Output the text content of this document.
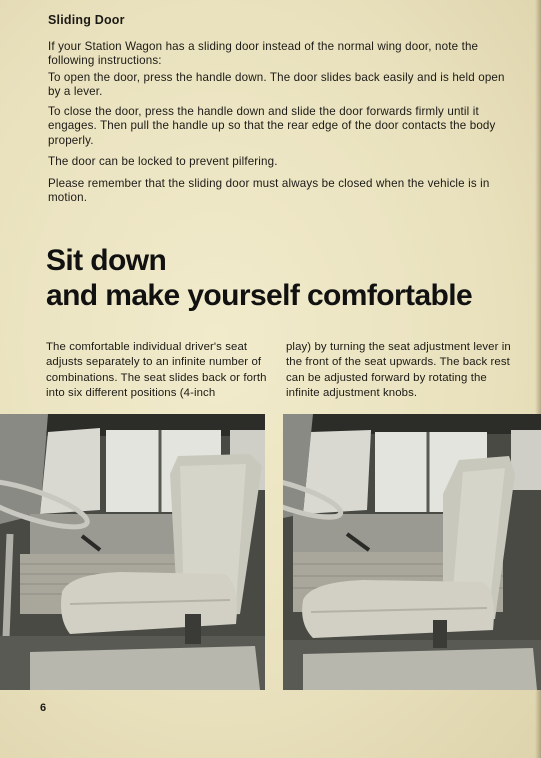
Sliding Door

If your Station Wagon has a sliding door instead of the normal wing door, note the following instructions:

To open the door, press the handle down. The door slides back easily and is held open by a lever.

To close the door, press the handle down and slide the door forwards firmly until it engages. Then pull the handle up so that the rear edge of the door contacts the body properly.

The door can be locked to prevent pilfering.

Please remember that the sliding door must always be closed when the vehicle is in motion.

Sit down
and make yourself comfortable

The comfortable individual driver's seat adjusts separately to an infinite number of combinations. The seat slides back or forth into six different positions (4-inch

play) by turning the seat adjustment lever in the front of the seat upwards. The back rest can be adjusted forward by rotating the infinite adjustment knobs.

6
